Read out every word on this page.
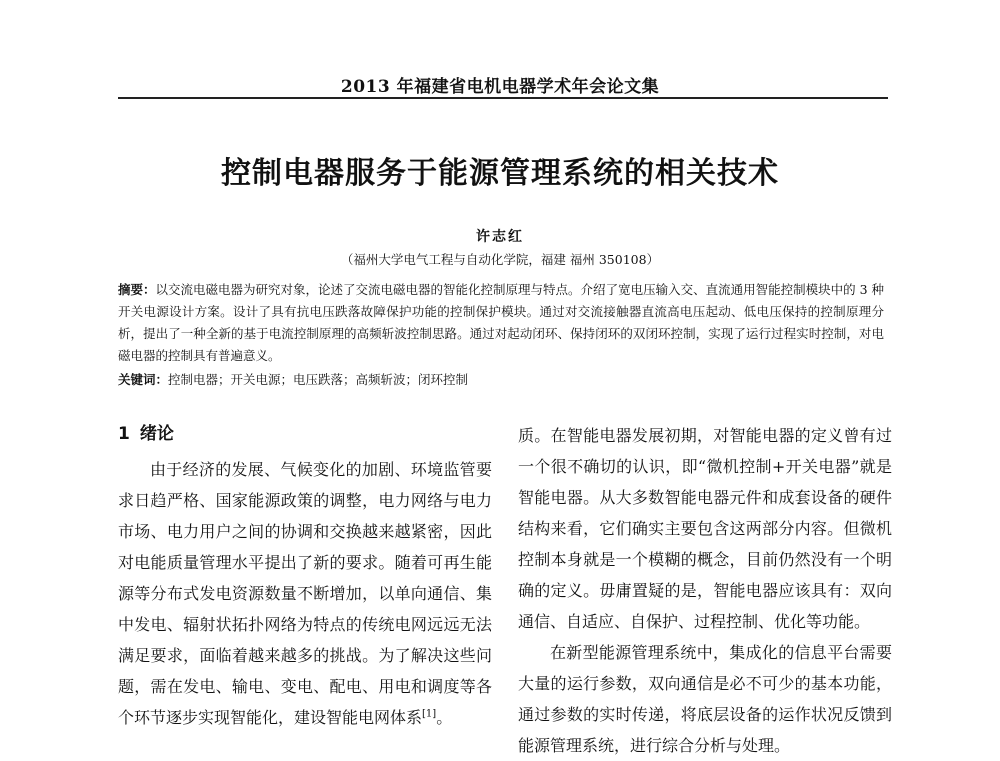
2013 年福建省电机电器学术年会论文集
控制电器服务于能源管理系统的相关技术
许志红
（福州大学电气工程与自动化学院，福建 福州 350108）
摘要：以交流电磁电器为研究对象，论述了交流电磁电器的智能化控制原理与特点。介绍了宽电压输入交、直流通用智能控制模块中的 3 种开关电源设计方案。设计了具有抗电压跌落故障保护功能的控制保护模块。通过对交流接触器直流高电压起动、低电压保持的控制原理分析，提出了一种全新的基于电流控制原理的高频斩波控制思路。通过对起动闭环、保持闭环的双闭环控制，实现了运行过程实时控制，对电磁电器的控制具有普遍意义。
关键词：控制电器；开关电源；电压跌落；高频斩波；闭环控制
1 绪论

由于经济的发展、气候变化的加剧、环境监管要求日趋严格、国家能源政策的调整，电力网络与电力市场、电力用户之间的协调和交换越来越紧密，因此对电能质量管理水平提出了新的要求。随着可再生能源等分布式发电资源数量不断增加，以单向通信、集中发电、辐射状拓扑网络为特点的传统电网远远无法满足要求，面临着越来越多的挑战。为了解决这些问题，需在发电、输电、变电、配电、用电和调度等各个环节逐步实现智能化，建设智能电网体系[1]。

质。在智能电器发展初期，对智能电器的定义曾有过一个很不确切的认识，即“微机控制+开关电器”就是智能电器。从大多数智能电器元件和成套设备的硬件结构来看，它们确实主要包含这两部分内容。但微机控制本身就是一个模糊的概念，目前仍然没有一个明确的定义。毋庸置疑的是，智能电器应该具有：双向通信、自适应、自保护、过程控制、优化等功能。

在新型能源管理系统中，集成化的信息平台需要大量的运行参数，双向通信是必不可少的基本功能，通过参数的实时传递，将底层设备的运作状况反馈到能源管理系统，进行综合分析与处理。
